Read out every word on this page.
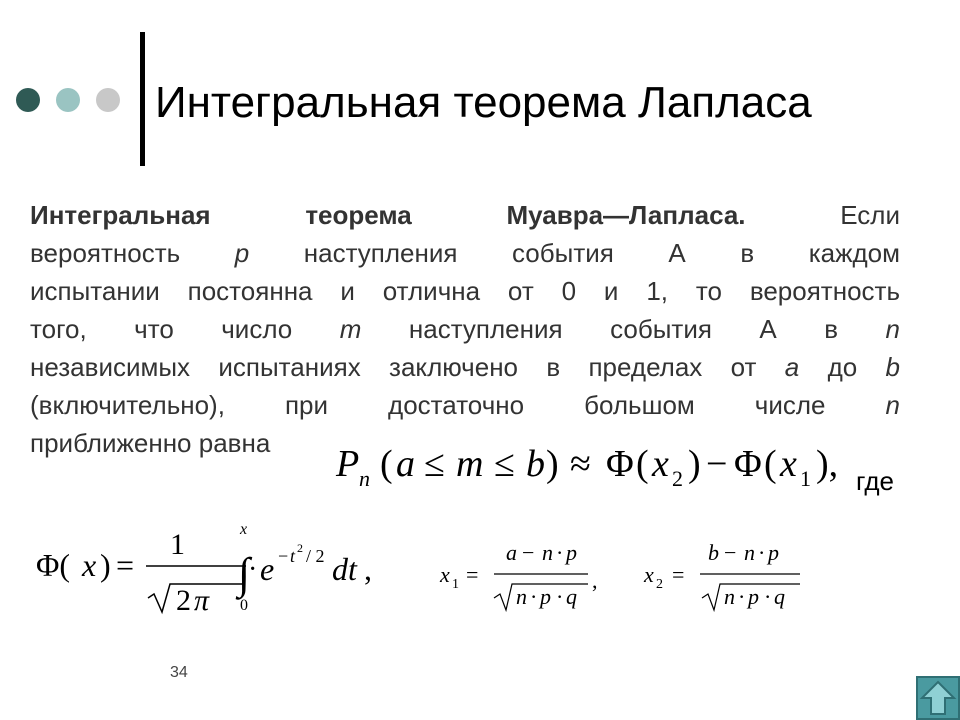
Интегральная теорема Лапласа
Интегральная теорема Муавра—Лапласа. Если
вероятность р наступления события А в каждом
испытании постоянна и отлична от 0 и 1, то вероятность
того, что число m наступления события А в n
независимых испытаниях заключено в пределах от а до b
(включительно), при достаточно большом числе n
приближенно равна	P n ( a ≤ m ≤ b ) ≈ Φ ( x 2 ) − Φ ( x 1 ), где
Φ( x ) =
1
2 π
·
x
∫
0
e − t 2 / 2 dt ,	x 1 =
a − n · p
n · p · q
, x 2 =
b − n · p
n · p · q
34
